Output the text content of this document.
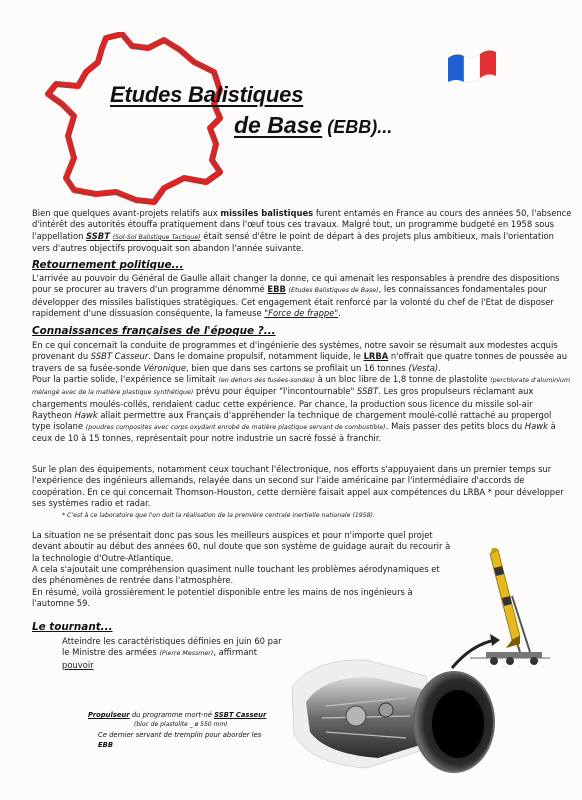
Etudes Balistiques
de Base (EBB)...
Bien que quelques avant-projets relatifs aux missiles balistiques furent entamés en France au cours des années 50, l'absence d'intérêt des autorités étouffa pratiquement dans l'œuf tous ces travaux. Malgré tout, un programme budgeté en 1958 sous l'appellation SSBT (Sol-Sol Balistique Tactique) était sensé d'être le point de départ à des projets plus ambitieux, mais l'orientation vers d'autres objectifs provoquait son abandon l'année suivante.
Retournement politique...
L'arrivée au pouvoir du Général de Gaulle allait changer la donne, ce qui amenait les responsables à prendre des dispositions pour se procurer au travers d'un programme dénommé EBB (Etudes Balistiques de Base), les connaissances fondamentales pour développer des missiles balistiques stratégiques. Cet engagement était renforcé par la volonté du chef de l'Etat de disposer rapidement d'une dissuasion conséquente, la fameuse "Force de frappe".
Connaissances françaises de l'époque ?...
En ce qui concernait la conduite de programmes et d'ingénierie des systèmes, notre savoir se résumait aux modestes acquis provenant du SSBT Casseur. Dans le domaine propulsif, notamment liquide, le LRBA n'offrait que quatre tonnes de poussée au travers de sa fusée-sonde Véronique, bien que dans ses cartons se profilait un 16 tonnes (Vesta).
Pour la partie solide, l'expérience se limitait (en dehors des fusées-sondes) à un bloc libre de 1,8 tonne de plastolite (perchlorate d'aluminium mélangé avec de la matière plastique synthétique) prévu pour équiper "l'incontournable" SSBT. Les gros propulseurs réclamant aux chargements moulés-collés, rendaient caduc cette expérience. Par chance, la production sous licence du missile sol-air Raytheon Hawk allait permettre aux Français d'appréhender la technique de chargement moulé-collé rattaché au propergol type isolane (poudres composites avec corps oxydant enrobé de matière plastique servant de combustible). Mais passer des petits blocs du Hawk à ceux de 10 à 15 tonnes, représentait pour notre industrie un sacré fossé à franchir.
Sur le plan des équipements, notamment ceux touchant l'électronique, nos efforts s'appuyaient dans un premier temps sur l'expérience des ingénieurs allemands, relayée dans un second sur l'aide américaine par l'intermédiaire d'accords de coopération. En ce qui concernait Thomson-Houston, cette dernière faisait appel aux compétences du LRBA * pour développer ses systèmes radio et radar.
* C'est à ce laboratoire que l'on doit la réalisation de la première centrale inertielle nationale (1958).
La situation ne se présentait donc pas sous les meilleurs auspices et pour n'importe quel projet devant aboutir au début des années 60, nul doute que son système de guidage aurait du recourir à la technologie d'Outre-Atlantique.
A cela s'ajoutait une compréhension quasiment nulle touchant les problèmes aérodynamiques et des phénomènes de rentrée dans l'atmosphère.
En résumé, voilà grossièrement le potentiel disponible entre les mains de nos ingénieurs à l'automne 59.
Le tournant...
Atteindre les caractéristiques définies en juin 60 par le Ministre des armées (Pierre Messmer), affirmant pouvoir
Propulseur du programme mort-né SSBT Casseur
(bloc de plastolite _ ø 550 mm)
Ce dernier servant de tremplin pour aborder les EBB
